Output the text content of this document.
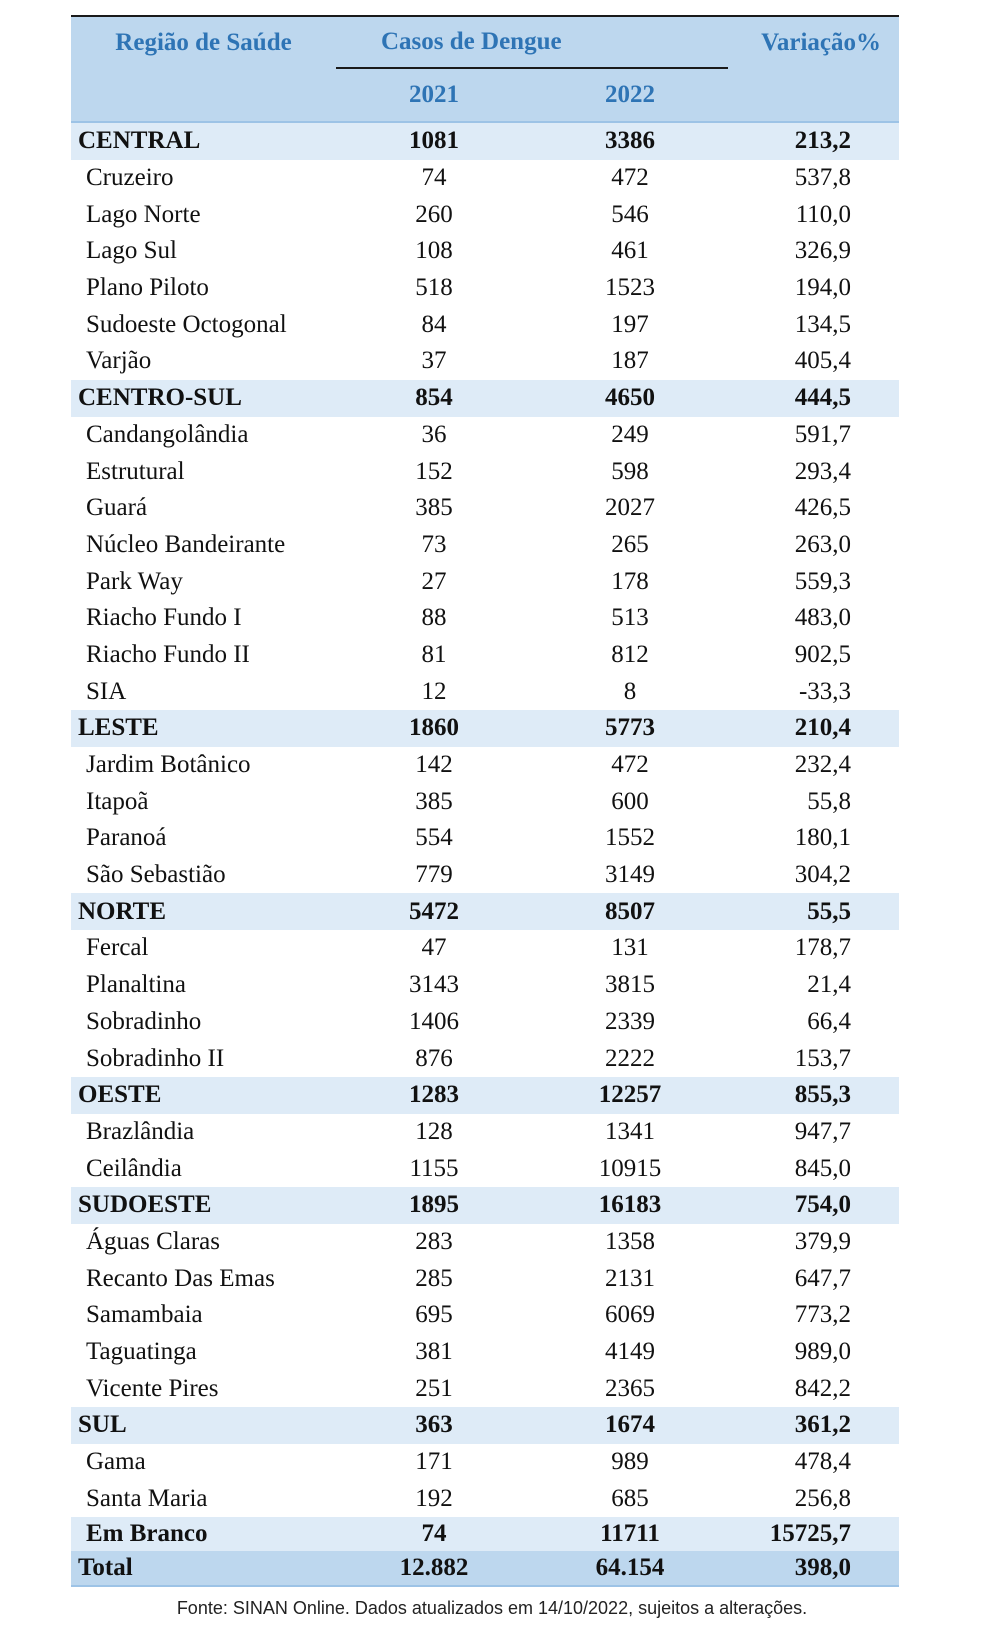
Região de Saúde	Casos de Dengue		Variação%
	2021	2022	
CENTRAL	1081	3386	213,2
Cruzeiro	74	472	537,8
Lago Norte	260	546	110,0
Lago Sul	108	461	326,9
Plano Piloto	518	1523	194,0
Sudoeste Octogonal	84	197	134,5
Varjão	37	187	405,4
CENTRO-SUL	854	4650	444,5
Candangolândia	36	249	591,7
Estrutural	152	598	293,4
Guará	385	2027	426,5
Núcleo Bandeirante	73	265	263,0
Park Way	27	178	559,3
Riacho Fundo I	88	513	483,0
Riacho Fundo II	81	812	902,5
SIA	12	8	-33,3
LESTE	1860	5773	210,4
Jardim Botânico	142	472	232,4
Itapoã	385	600	55,8
Paranoá	554	1552	180,1
São Sebastião	779	3149	304,2
NORTE	5472	8507	55,5
Fercal	47	131	178,7
Planaltina	3143	3815	21,4
Sobradinho	1406	2339	66,4
Sobradinho II	876	2222	153,7
OESTE	1283	12257	855,3
Brazlândia	128	1341	947,7
Ceilândia	1155	10915	845,0
SUDOESTE	1895	16183	754,0
Águas Claras	283	1358	379,9
Recanto Das Emas	285	2131	647,7
Samambaia	695	6069	773,2
Taguatinga	381	4149	989,0
Vicente Pires	251	2365	842,2
SUL	363	1674	361,2
Gama	171	989	478,4
Santa Maria	192	685	256,8
Em Branco	74	11711	15725,7
Total	12.882	64.154	398,0
Fonte: SINAN Online. Dados atualizados em 14/10/2022, sujeitos a alterações.
